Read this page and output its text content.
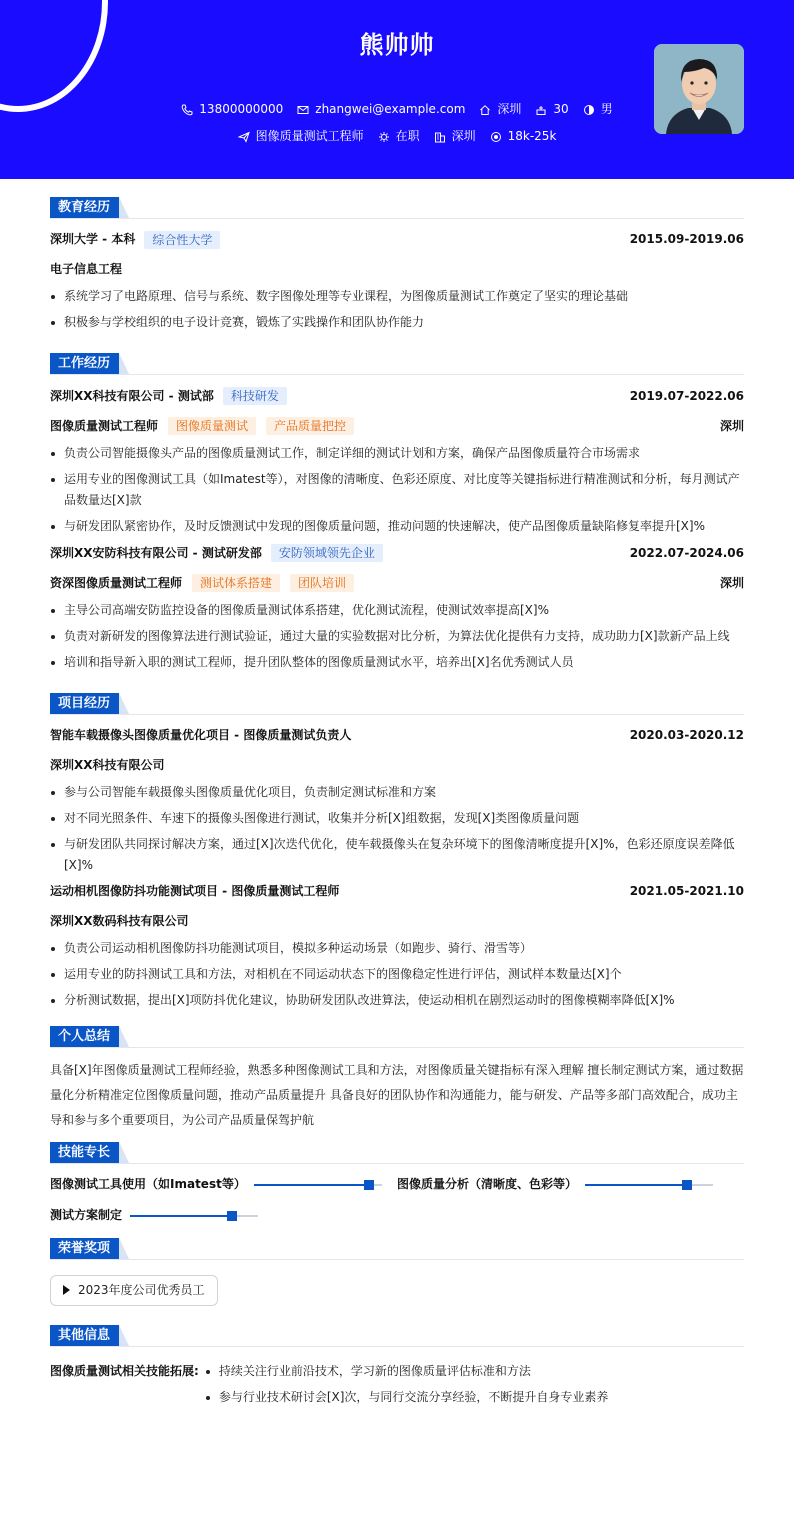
熊帅帅
13800000000	zhangwei@example.com	深圳	30	男
图像质量测试工程师	在职	深圳	18k-25k
教育经历
深圳大学 - 本科	综合性大学	2015.09-2019.06
电子信息工程
系统学习了电路原理、信号与系统、数字图像处理等专业课程，为图像质量测试工作奠定了坚实的理论基础
积极参与学校组织的电子设计竞赛，锻炼了实践操作和团队协作能力
工作经历
深圳XX科技有限公司 - 测试部	科技研发	2019.07-2022.06
图像质量测试工程师	图像质量测试	产品质量把控	深圳
负责公司智能摄像头产品的图像质量测试工作，制定详细的测试计划和方案，确保产品图像质量符合市场需求
运用专业的图像测试工具（如Imatest等），对图像的清晰度、色彩还原度、对比度等关键指标进行精准测试和分析，每月测试产品数量达[X]款
与研发团队紧密协作，及时反馈测试中发现的图像质量问题，推动问题的快速解决，使产品图像质量缺陷修复率提升[X]%
深圳XX安防科技有限公司 - 测试研发部	安防领域领先企业	2022.07-2024.06
资深图像质量测试工程师	测试体系搭建	团队培训	深圳
主导公司高端安防监控设备的图像质量测试体系搭建，优化测试流程，使测试效率提高[X]%
负责对新研发的图像算法进行测试验证，通过大量的实验数据对比分析，为算法优化提供有力支持，成功助力[X]款新产品上线
培训和指导新入职的测试工程师，提升团队整体的图像质量测试水平，培养出[X]名优秀测试人员
项目经历
智能车载摄像头图像质量优化项目 - 图像质量测试负责人	2020.03-2020.12
深圳XX科技有限公司
参与公司智能车载摄像头图像质量优化项目，负责制定测试标准和方案
对不同光照条件、车速下的摄像头图像进行测试，收集并分析[X]组数据，发现[X]类图像质量问题
与研发团队共同探讨解决方案，通过[X]次迭代优化，使车载摄像头在复杂环境下的图像清晰度提升[X]%，色彩还原度误差降低[X]%
运动相机图像防抖功能测试项目 - 图像质量测试工程师	2021.05-2021.10
深圳XX数码科技有限公司
负责公司运动相机图像防抖功能测试项目，模拟多种运动场景（如跑步、骑行、滑雪等）
运用专业的防抖测试工具和方法，对相机在不同运动状态下的图像稳定性进行评估，测试样本数量达[X]个
分析测试数据，提出[X]项防抖优化建议，协助研发团队改进算法，使运动相机在剧烈运动时的图像模糊率降低[X]%
个人总结
具备[X]年图像质量测试工程师经验，熟悉多种图像测试工具和方法，对图像质量关键指标有深入理解 擅长制定测试方案，通过数据量化分析精准定位图像质量问题，推动产品质量提升 具备良好的团队协作和沟通能力，能与研发、产品等多部门高效配合，成功主导和参与多个重要项目，为公司产品质量保驾护航
技能专长
图像测试工具使用（如Imatest等）	图像质量分析（清晰度、色彩等）
测试方案制定
荣誉奖项
2023年度公司优秀员工
其他信息
图像质量测试相关技能拓展:	持续关注行业前沿技术，学习新的图像质量评估标准和方法
参与行业技术研讨会[X]次，与同行交流分享经验，不断提升自身专业素养
